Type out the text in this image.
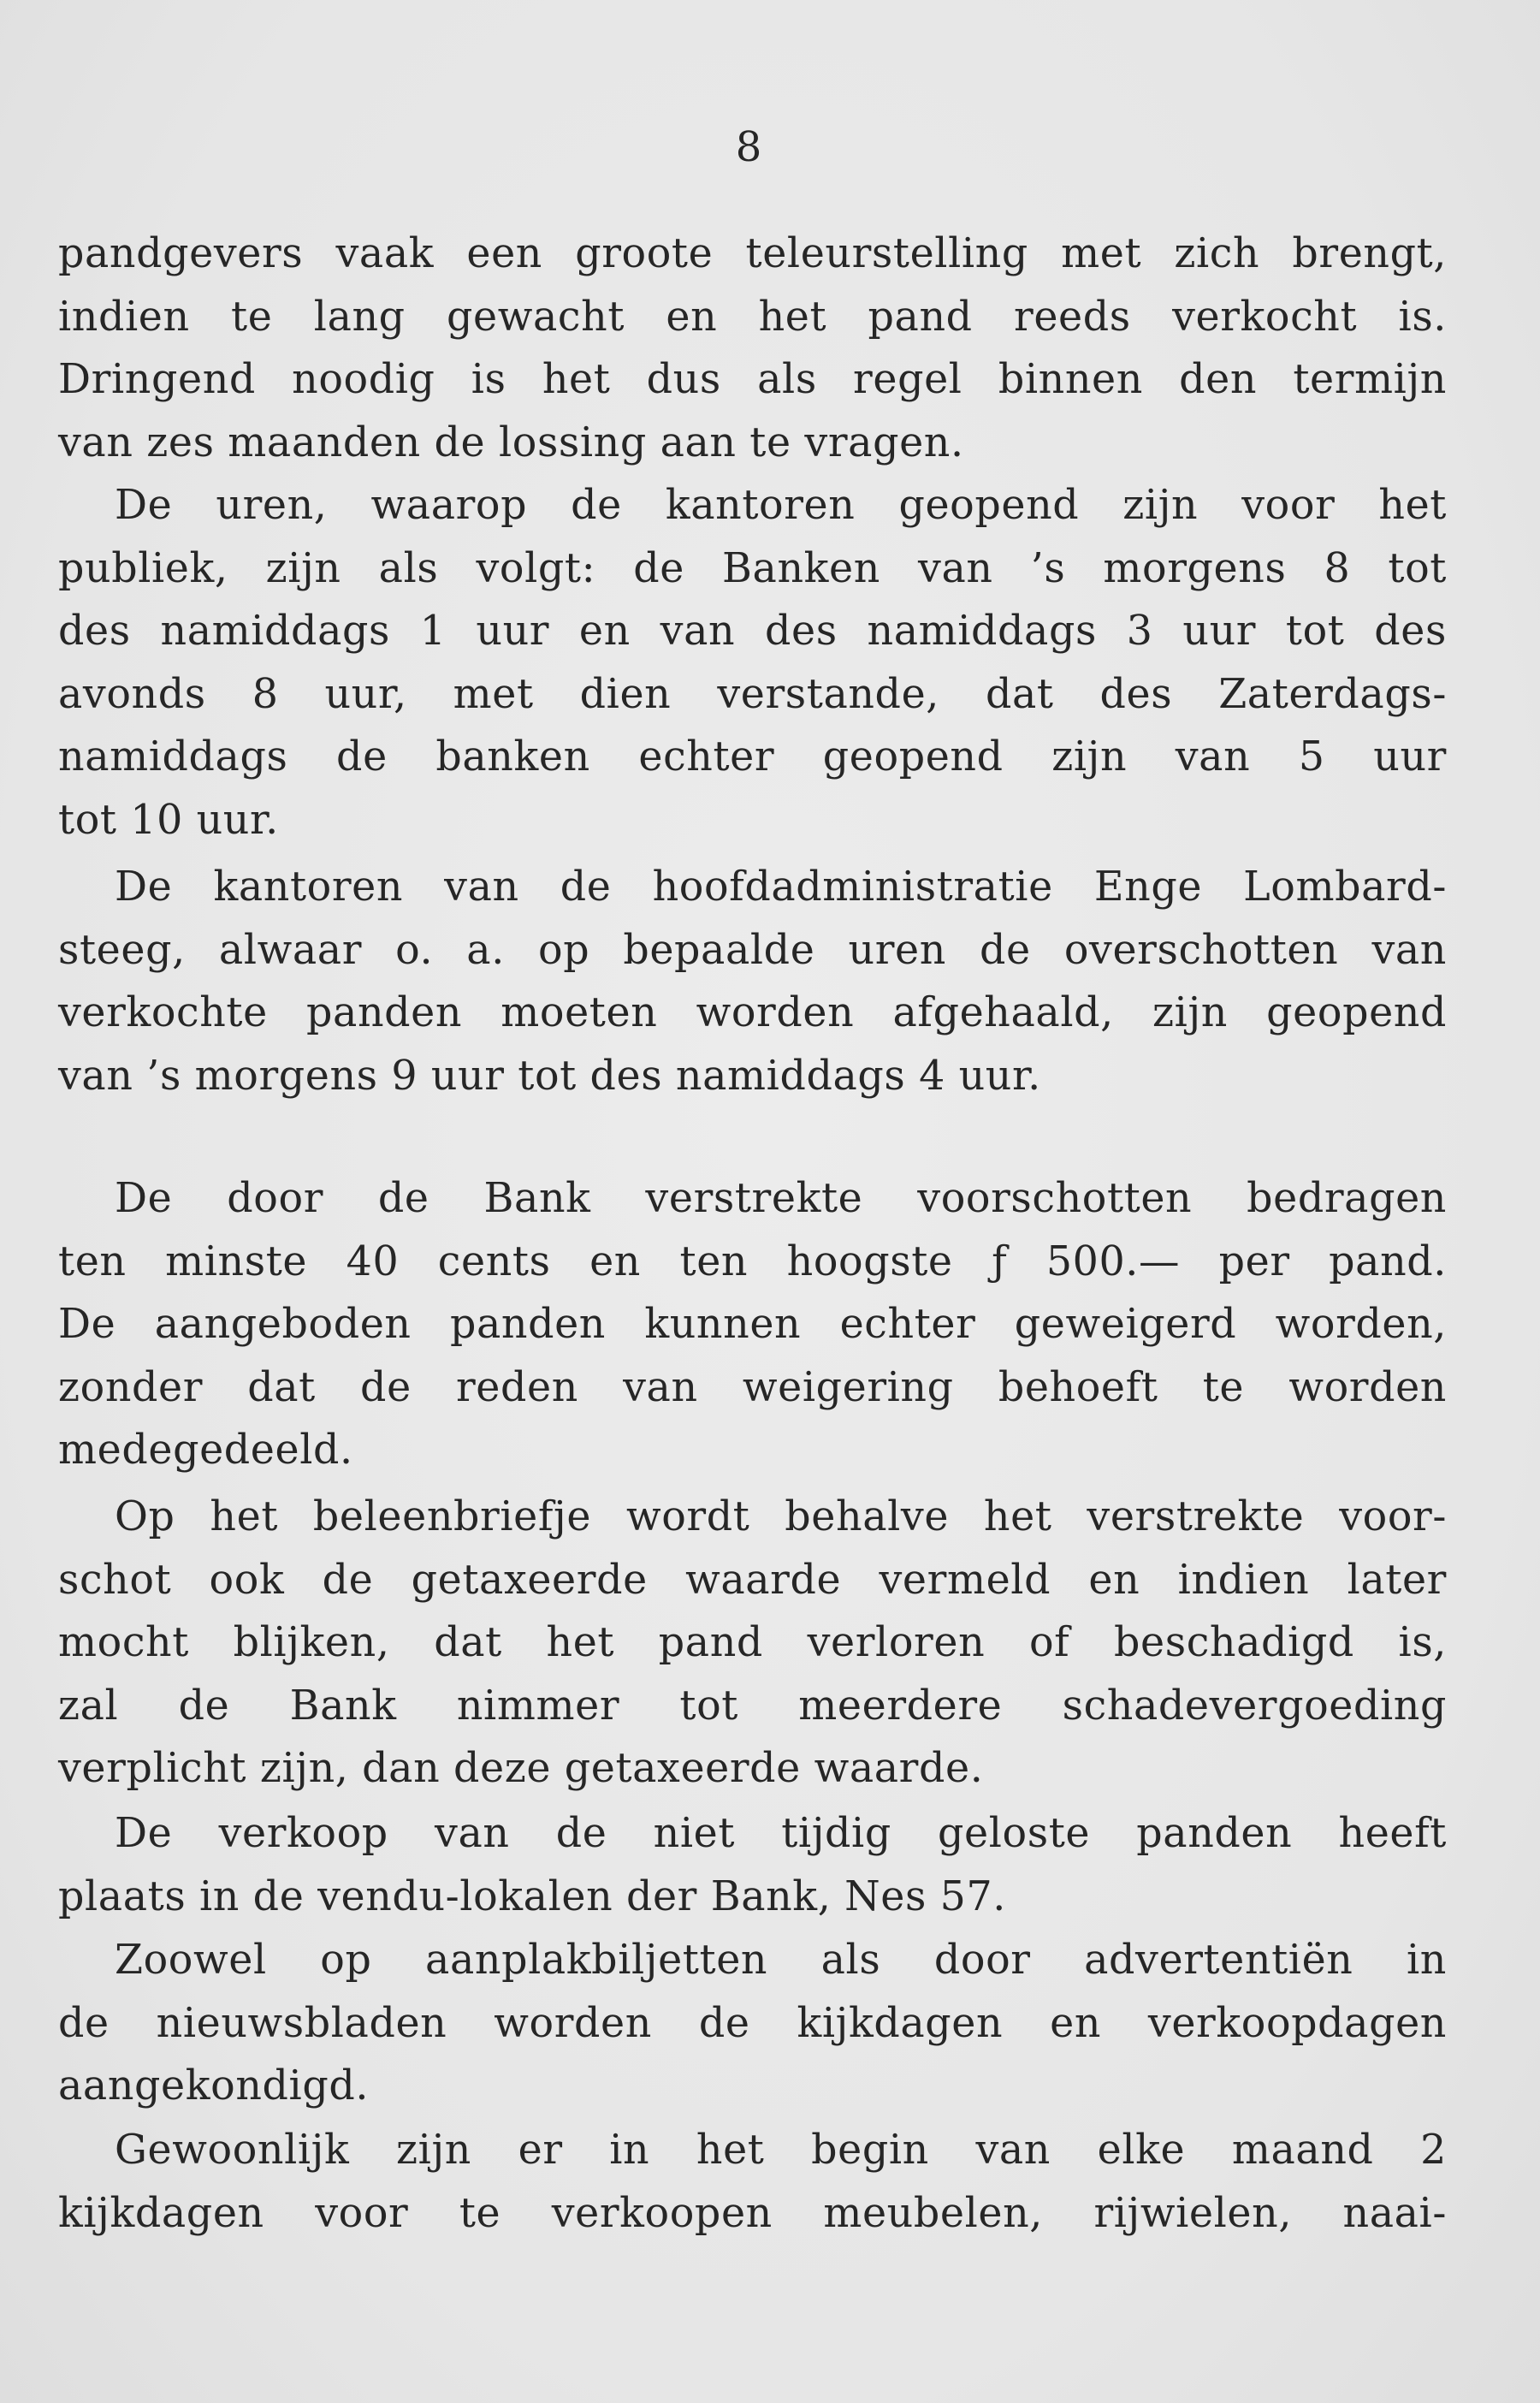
8
pandgevers vaak een groote teleurstelling met zich brengt,
indien te lang gewacht en het pand reeds verkocht is.
Dringend noodig is het dus als regel binnen den termijn
van zes maanden de lossing aan te vragen.
De uren, waarop de kantoren geopend zijn voor het
publiek, zijn als volgt: de Banken van ’s morgens 8 tot
des namiddags 1 uur en van des namiddags 3 uur tot des
avonds 8 uur, met dien verstande, dat des Zaterdags-
namiddags de banken echter geopend zijn van 5 uur
tot 10 uur.
De kantoren van de hoofdadministratie Enge Lombard-
steeg, alwaar o. a. op bepaalde uren de overschotten van
verkochte panden moeten worden afgehaald, zijn geopend
van ’s morgens 9 uur tot des namiddags 4 uur.
De door de Bank verstrekte voorschotten bedragen
ten minste 40 cents en ten hoogste ƒ 500.— per pand.
De aangeboden panden kunnen echter geweigerd worden,
zonder dat de reden van weigering behoeft te worden
medegedeeld.
Op het beleenbriefje wordt behalve het verstrekte voor-
schot ook de getaxeerde waarde vermeld en indien later
mocht blijken, dat het pand verloren of beschadigd is,
zal de Bank nimmer tot meerdere schadevergoeding
verplicht zijn, dan deze getaxeerde waarde.
De verkoop van de niet tijdig geloste panden heeft
plaats in de vendu-lokalen der Bank, Nes 57.
Zoowel op aanplakbiljetten als door advertentiën in
de nieuwsbladen worden de kijkdagen en verkoopdagen
aangekondigd.
Gewoonlijk zijn er in het begin van elke maand 2
kijkdagen voor te verkoopen meubelen, rijwielen, naai-
